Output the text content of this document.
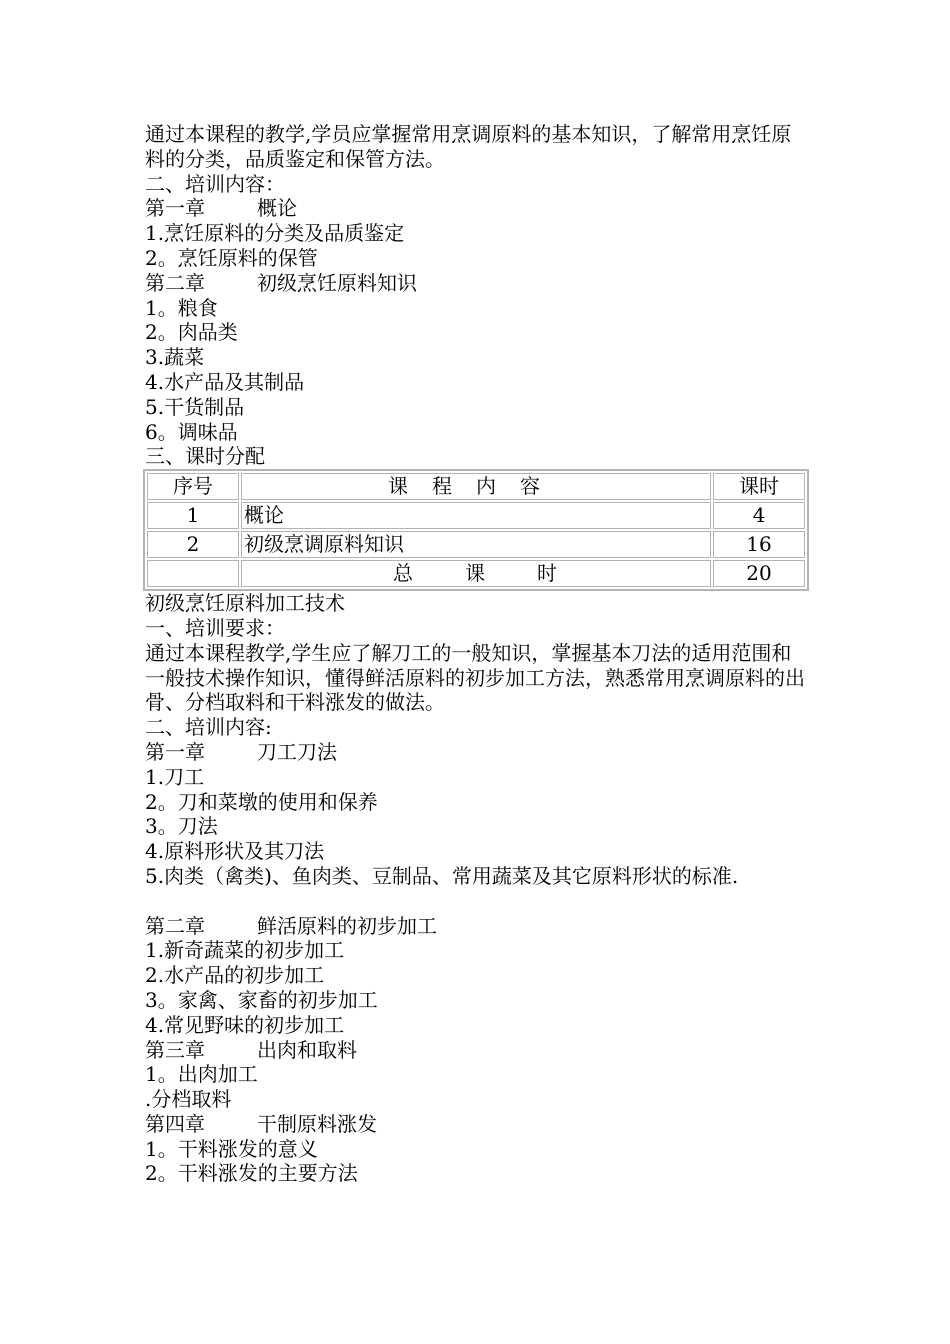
通过本课程的教学,学员应掌握常用烹调原料的基本知识，了解常用烹饪原料的分类，品质鉴定和保管方法。
二、培训内容：
第一章	概论
1.烹饪原料的分类及品质鉴定
2。烹饪原料的保管
第二章	初级烹饪原料知识
1。粮食
2。肉品类
3.蔬菜
4.水产品及其制品
5.干货制品
6。调味品
三、课时分配
序号	课 程 内 容	课时
1	概论	4
2	初级烹调原料知识	16
	总 课 时	20
初级烹饪原料加工技术
一、培训要求：
通过本课程教学,学生应了解刀工的一般知识，掌握基本刀法的适用范围和一般技术操作知识，懂得鲜活原料的初步加工方法，熟悉常用烹调原料的出骨、分档取料和干料涨发的做法。
二、培训内容:
第一章	刀工刀法
1.刀工
2。刀和菜墩的使用和保养
3。刀法
4.原料形状及其刀法
5.肉类（禽类)、鱼肉类、豆制品、常用蔬菜及其它原料形状的标准.
第二章	鲜活原料的初步加工
1.新奇蔬菜的初步加工
2.水产品的初步加工
3。家禽、家畜的初步加工
4.常见野味的初步加工
第三章	出肉和取料
1。出肉加工
.分档取料
第四章	干制原料涨发
1。干料涨发的意义
2。干料涨发的主要方法
